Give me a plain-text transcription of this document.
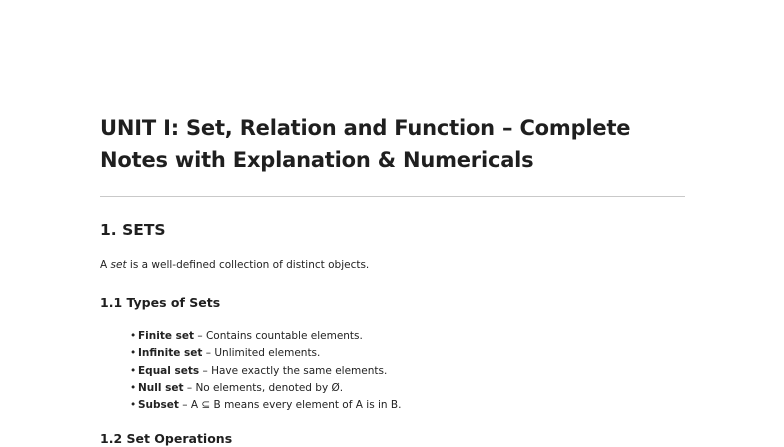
UNIT I: Set, Relation and Function – Complete Notes with Explanation & Numericals
1. SETS

A set is a well-defined collection of distinct objects.

1.1 Types of Sets
• Finite set – Contains countable elements.
• Infinite set – Unlimited elements.
• Equal sets – Have exactly the same elements.
• Null set – No elements, denoted by Ø.
• Subset – A ⊆ B means every element of A is in B.
1.2 Set Operations
